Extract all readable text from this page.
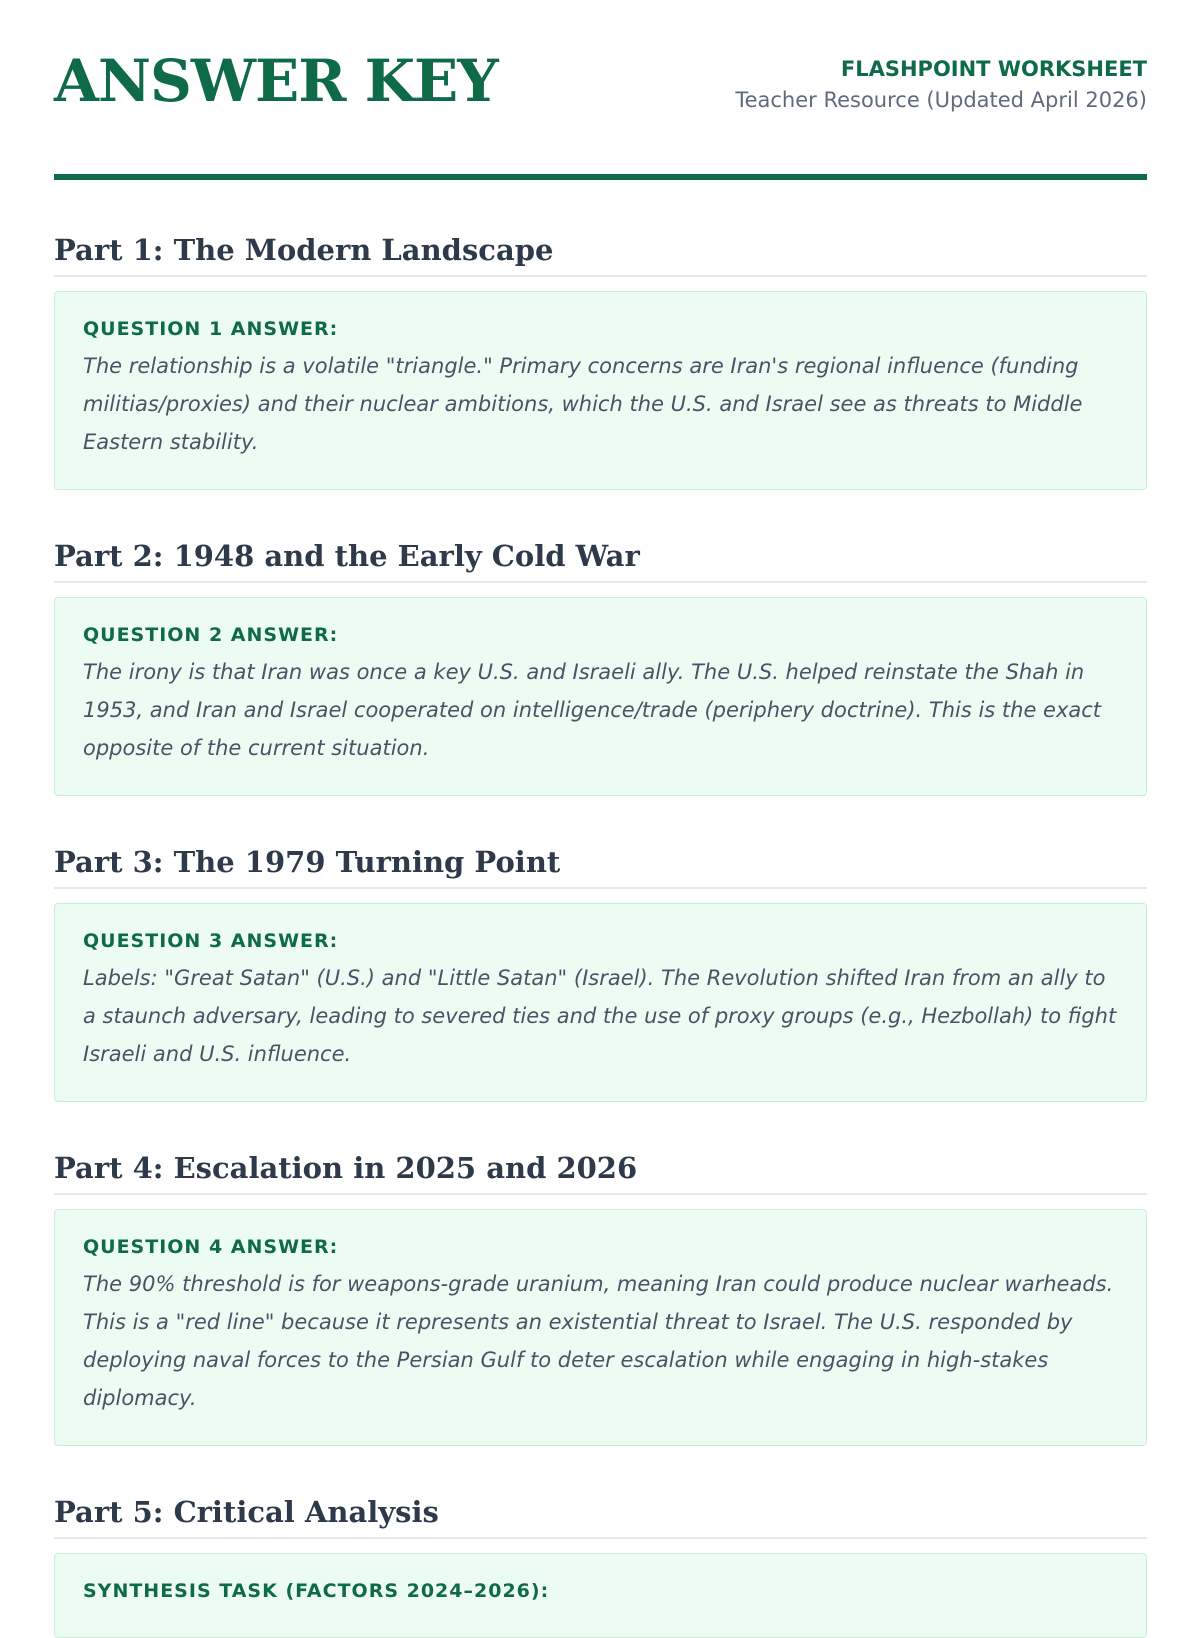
ANSWER KEY	FLASHPOINT WORKSHEET
Teacher Resource (Updated April 2026)
Part 1: The Modern Landscape
QUESTION 1 ANSWER:
The relationship is a volatile "triangle." Primary concerns are Iran's regional influence (funding militias/proxies) and their nuclear ambitions, which the U.S. and Israel see as threats to Middle Eastern stability.
Part 2: 1948 and the Early Cold War
QUESTION 2 ANSWER:
The irony is that Iran was once a key U.S. and Israeli ally. The U.S. helped reinstate the Shah in 1953, and Iran and Israel cooperated on intelligence/trade (periphery doctrine). This is the exact opposite of the current situation.
Part 3: The 1979 Turning Point
QUESTION 3 ANSWER:
Labels: "Great Satan" (U.S.) and "Little Satan" (Israel). The Revolution shifted Iran from an ally to a staunch adversary, leading to severed ties and the use of proxy groups (e.g., Hezbollah) to fight Israeli and U.S. influence.
Part 4: Escalation in 2025 and 2026
QUESTION 4 ANSWER:
The 90% threshold is for weapons-grade uranium, meaning Iran could produce nuclear warheads. This is a "red line" because it represents an existential threat to Israel. The U.S. responded by deploying naval forces to the Persian Gulf to deter escalation while engaging in high-stakes diplomacy.
Part 5: Critical Analysis
SYNTHESIS TASK (FACTORS 2024–2026):
